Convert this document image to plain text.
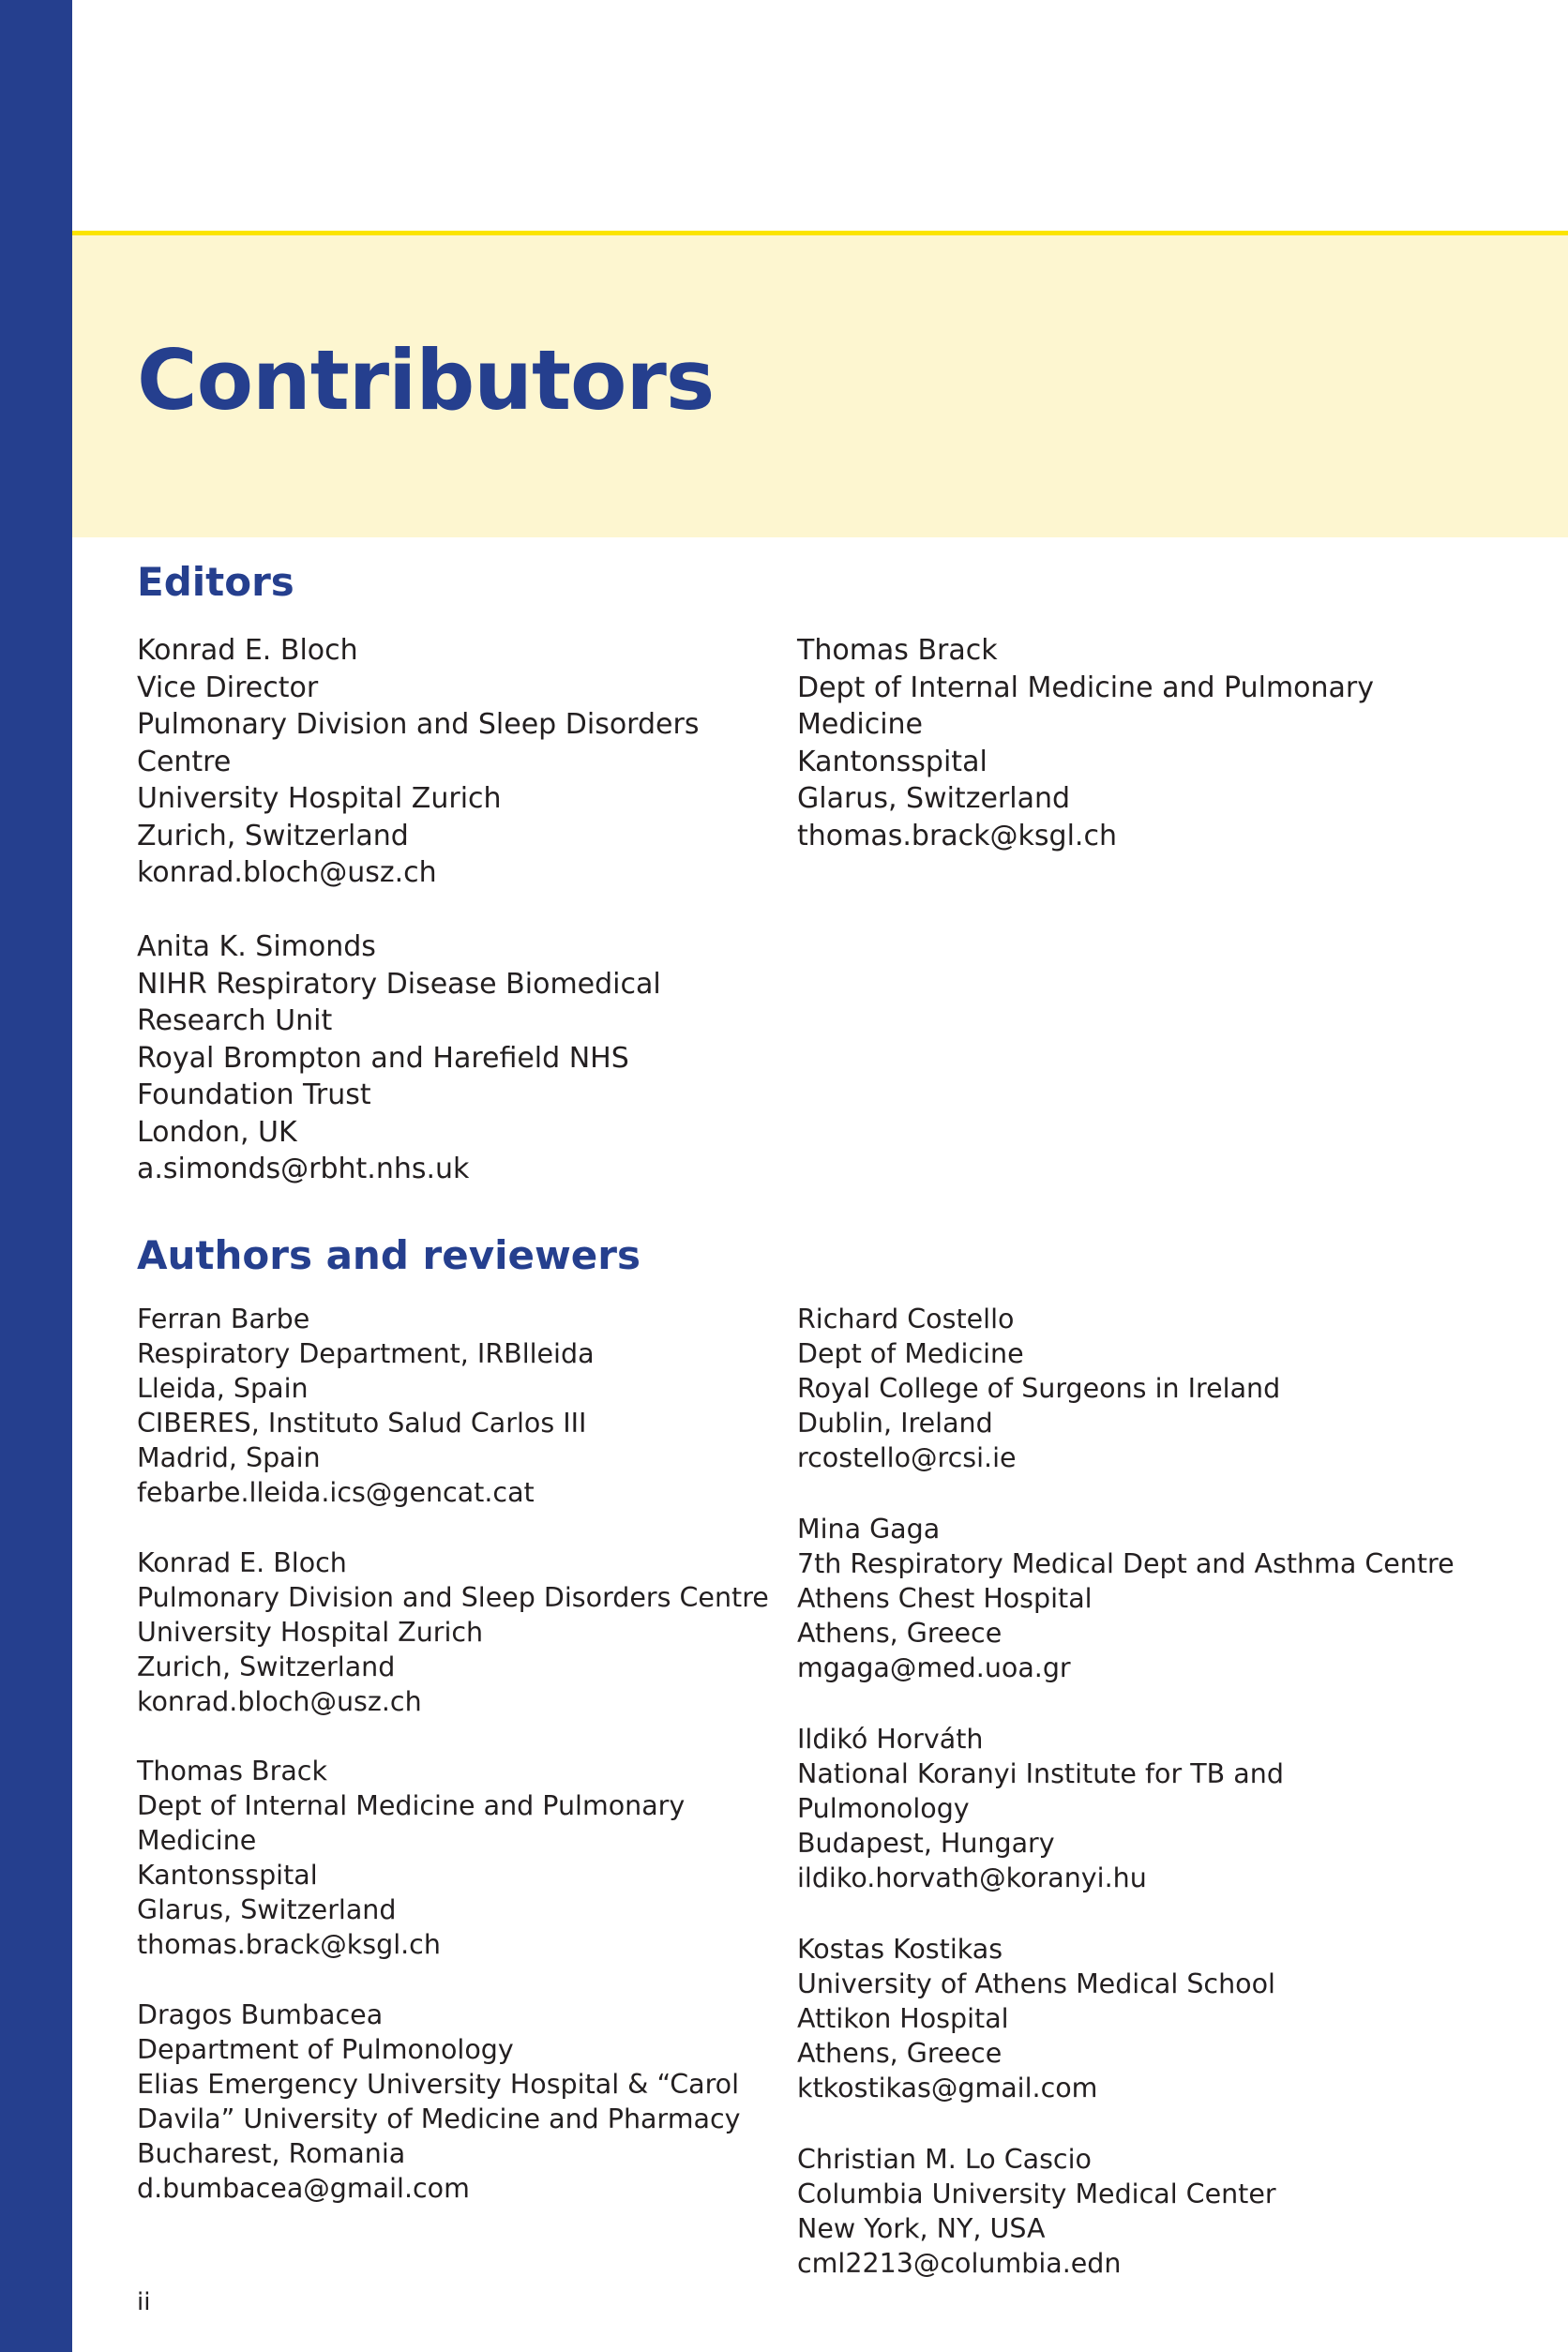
Contributors
Editors
Konrad E. Bloch
Vice Director
Pulmonary Division and Sleep Disorders
Centre
University Hospital Zurich
Zurich, Switzerland
konrad.bloch@usz.ch
Anita K. Simonds
NIHR Respiratory Disease Biomedical
Research Unit
Royal Brompton and Harefield NHS
Foundation Trust
London, UK
a.simonds@rbht.nhs.uk
Thomas Brack
Dept of Internal Medicine and Pulmonary
Medicine
Kantonsspital
Glarus, Switzerland
thomas.brack@ksgl.ch
Authors and reviewers
Ferran Barbe
Respiratory Department, IRBlleida
Lleida, Spain
CIBERES, Instituto Salud Carlos III
Madrid, Spain
febarbe.lleida.ics@gencat.cat
Konrad E. Bloch
Pulmonary Division and Sleep Disorders Centre
University Hospital Zurich
Zurich, Switzerland
konrad.bloch@usz.ch
Thomas Brack
Dept of Internal Medicine and Pulmonary
Medicine
Kantonsspital
Glarus, Switzerland
thomas.brack@ksgl.ch
Dragos Bumbacea
Department of Pulmonology
Elias Emergency University Hospital & “Carol
Davila” University of Medicine and Pharmacy
Bucharest, Romania
d.bumbacea@gmail.com
Richard Costello
Dept of Medicine
Royal College of Surgeons in Ireland
Dublin, Ireland
rcostello@rcsi.ie
Mina Gaga
7th Respiratory Medical Dept and Asthma Centre
Athens Chest Hospital
Athens, Greece
mgaga@med.uoa.gr
Ildikó Horváth
National Koranyi Institute for TB and
Pulmonology
Budapest, Hungary
ildiko.horvath@koranyi.hu
Kostas Kostikas
University of Athens Medical School
Attikon Hospital
Athens, Greece
ktkostikas@gmail.com
Christian M. Lo Cascio
Columbia University Medical Center
New York, NY, USA
cml2213@columbia.edn
ii
